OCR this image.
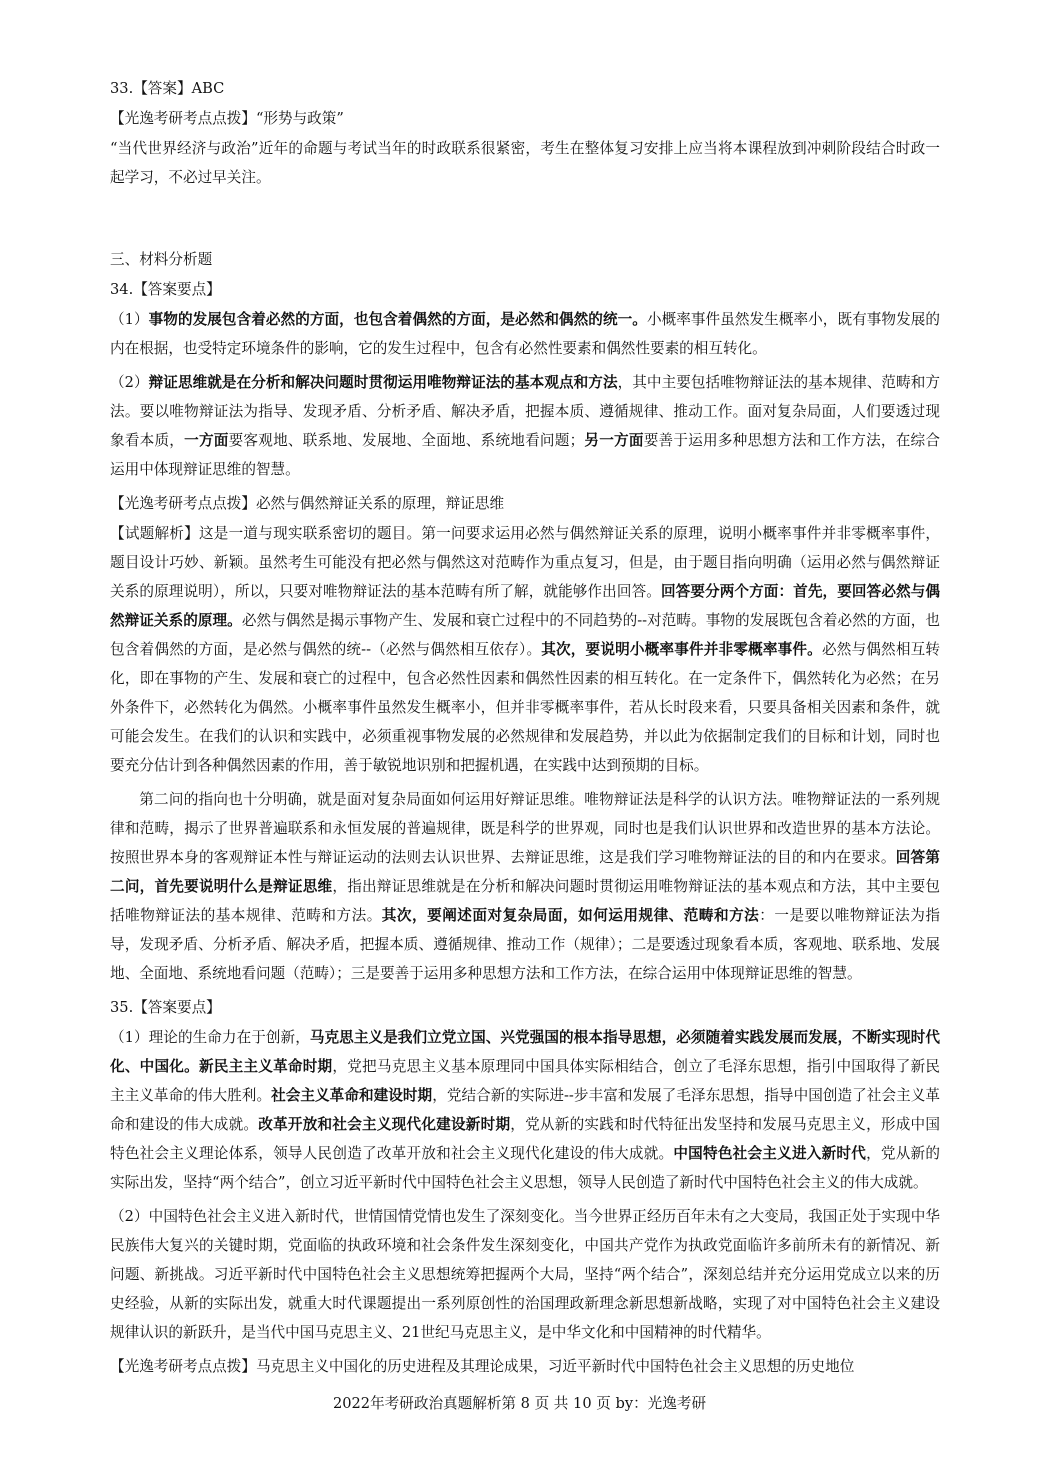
33.【答案】ABC
【光逸考研考点点拨】“形势与政策”
“当代世界经济与政治”近年的命题与考试当年的时政联系很紧密，考生在整体复习安排上应当将本课程放到冲刺阶段结合时政一起学习，不必过早关注。
三、材料分析题
34.【答案要点】
（1）事物的发展包含着必然的方面，也包含着偶然的方面，是必然和偶然的统一。小概率事件虽然发生概率小，既有事物发展的内在根据，也受特定环境条件的影响，它的发生过程中，包含有必然性要素和偶然性要素的相互转化。
（2）辩证思维就是在分析和解决问题时贯彻运用唯物辩证法的基本观点和方法，其中主要包括唯物辩证法的基本规律、范畴和方法。要以唯物辩证法为指导、发现矛盾、分析矛盾、解决矛盾，把握本质、遵循规律、推动工作。面对复杂局面，人们要透过现象看本质，一方面要客观地、联系地、发展地、全面地、系统地看问题；另一方面要善于运用多种思想方法和工作方法，在综合运用中体现辩证思维的智慧。
【光逸考研考点点拨】必然与偶然辩证关系的原理，辩证思维
【试题解析】这是一道与现实联系密切的题目。第一问要求运用必然与偶然辩证关系的原理，说明小概率事件并非零概率事件，题目设计巧妙、新颖。虽然考生可能没有把必然与偶然这对范畴作为重点复习，但是，由于题目指向明确（运用必然与偶然辩证关系的原理说明），所以，只要对唯物辩证法的基本范畴有所了解，就能够作出回答。回答要分两个方面：首先，要回答必然与偶然辩证关系的原理。必然与偶然是揭示事物产生、发展和衰亡过程中的不同趋势的--对范畴。事物的发展既包含着必然的方面，也包含着偶然的方面，是必然与偶然的统--（必然与偶然相互依存）。其次，要说明小概率事件并非零概率事件。必然与偶然相互转化，即在事物的产生、发展和衰亡的过程中，包含必然性因素和偶然性因素的相互转化。在一定条件下，偶然转化为必然；在另外条件下，必然转化为偶然。小概率事件虽然发生概率小，但并非零概率事件，若从长时段来看，只要具备相关因素和条件，就可能会发生。在我们的认识和实践中，必须重视事物发展的必然规律和发展趋势，并以此为依据制定我们的目标和计划，同时也要充分估计到各种偶然因素的作用，善于敏锐地识别和把握机遇，在实践中达到预期的目标。
第二问的指向也十分明确，就是面对复杂局面如何运用好辩证思维。唯物辩证法是科学的认识方法。唯物辩证法的一系列规律和范畴，揭示了世界普遍联系和永恒发展的普遍规律，既是科学的世界观，同时也是我们认识世界和改造世界的基本方法论。按照世界本身的客观辩证本性与辩证运动的法则去认识世界、去辩证思维，这是我们学习唯物辩证法的目的和内在要求。回答第二问，首先要说明什么是辩证思维，指出辩证思维就是在分析和解决问题时贯彻运用唯物辩证法的基本观点和方法，其中主要包括唯物辩证法的基本规律、范畴和方法。其次，要阐述面对复杂局面，如何运用规律、范畴和方法：一是要以唯物辩证法为指导，发现矛盾、分析矛盾、解决矛盾，把握本质、遵循规律、推动工作（规律）；二是要透过现象看本质，客观地、联系地、发展地、全面地、系统地看问题（范畴）；三是要善于运用多种思想方法和工作方法，在综合运用中体现辩证思维的智慧。
35.【答案要点】
（1）理论的生命力在于创新，马克思主义是我们立党立国、兴党强国的根本指导思想，必须随着实践发展而发展，不断实现时代化、中国化。新民主主义革命时期，党把马克思主义基本原理同中国具体实际相结合，创立了毛泽东思想，指引中国取得了新民主主义革命的伟大胜利。社会主义革命和建设时期，党结合新的实际进--步丰富和发展了毛泽东思想，指导中国创造了社会主义革命和建设的伟大成就。改革开放和社会主义现代化建设新时期，党从新的实践和时代特征出发坚持和发展马克思主义，形成中国特色社会主义理论体系，领导人民创造了改革开放和社会主义现代化建设的伟大成就。中国特色社会主义进入新时代，党从新的实际出发，坚持“两个结合”，创立习近平新时代中国特色社会主义思想，领导人民创造了新时代中国特色社会主义的伟大成就。
（2）中国特色社会主义进入新时代，世情国情党情也发生了深刻变化。当今世界正经历百年未有之大变局，我国正处于实现中华民族伟大复兴的关键时期，党面临的执政环境和社会条件发生深刻变化，中国共产党作为执政党面临许多前所未有的新情况、新问题、新挑战。习近平新时代中国特色社会主义思想统筹把握两个大局，坚持“两个结合”，深刻总结并充分运用党成立以来的历史经验，从新的实际出发，就重大时代课题提出一系列原创性的治国理政新理念新思想新战略，实现了对中国特色社会主义建设规律认识的新跃升，是当代中国马克思主义、21世纪马克思主义，是中华文化和中国精神的时代精华。
【光逸考研考点点拨】马克思主义中国化的历史进程及其理论成果，习近平新时代中国特色社会主义思想的历史地位
2022年考研政治真题解析第 8 页 共 10 页 by：光逸考研
